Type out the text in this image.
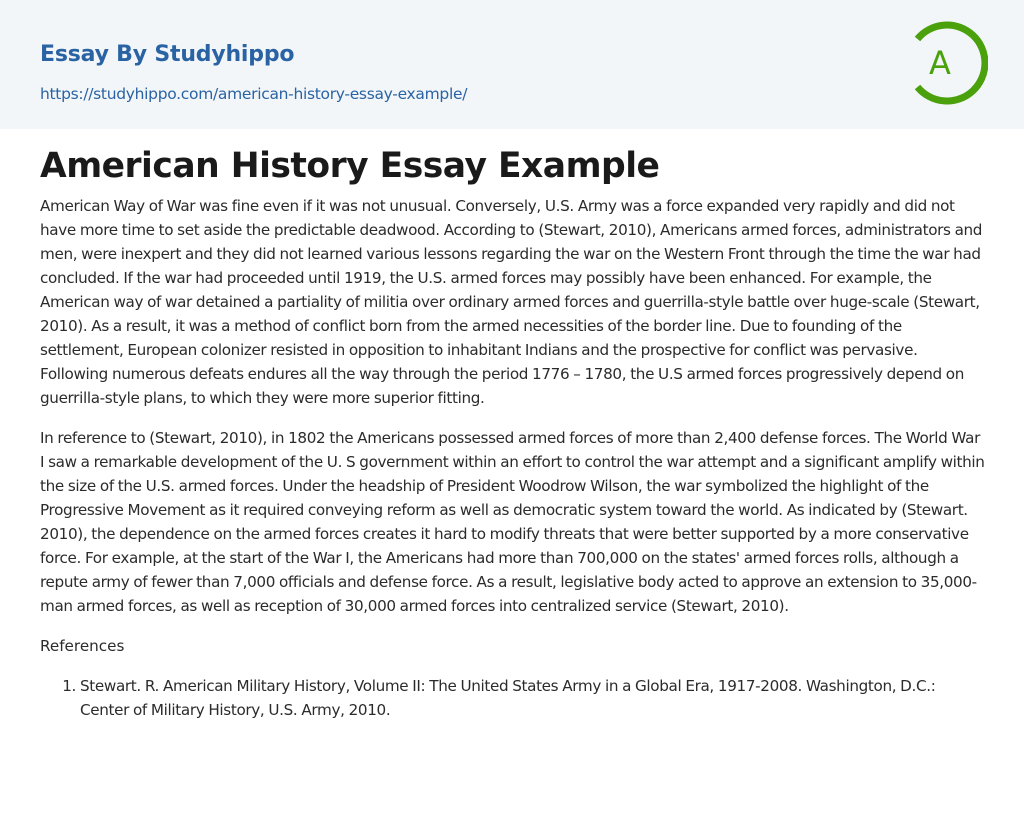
Essay By Studyhippo
https://studyhippo.com/american-history-essay-example/
A
American History Essay Example

American Way of War was fine even if it was not unusual. Conversely, U.S. Army was a force expanded very rapidly and did not have more time to set aside the predictable deadwood. According to (Stewart, 2010), Americans armed forces, administrators and men, were inexpert and they did not learned various lessons regarding the war on the Western Front through the time the war had concluded. If the war had proceeded until 1919, the U.S. armed forces may possibly have been enhanced. For example, the American way of war detained a partiality of militia over ordinary armed forces and guerrilla-style battle over huge-scale (Stewart, 2010). As a result, it was a method of conflict born from the armed necessities of the border line. Due to founding of the settlement, European colonizer resisted in opposition to inhabitant Indians and the prospective for conflict was pervasive. Following numerous defeats endures all the way through the period 1776 – 1780, the U.S armed forces progressively depend on guerrilla-style plans, to which they were more superior fitting.

In reference to (Stewart, 2010), in 1802 the Americans possessed armed forces of more than 2,400 defense forces. The World War I saw a remarkable development of the U. S government within an effort to control the war attempt and a significant amplify within the size of the U.S. armed forces. Under the headship of President Woodrow Wilson, the war symbolized the highlight of the Progressive Movement as it required conveying reform as well as democratic system toward the world. As indicated by (Stewart. 2010), the dependence on the armed forces creates it hard to modify threats that were better supported by a more conservative force. For example, at the start of the War I, the Americans had more than 700,000 on the states' armed forces rolls, although a repute army of fewer than 7,000 officials and defense force. As a result, legislative body acted to approve an extension to 35,000-man armed forces, as well as reception of 30,000 armed forces into centralized service (Stewart, 2010).

References
1. Stewart. R. American Military History, Volume II: The United States Army in a Global Era, 1917-2008. Washington, D.C.: Center of Military History, U.S. Army, 2010.
